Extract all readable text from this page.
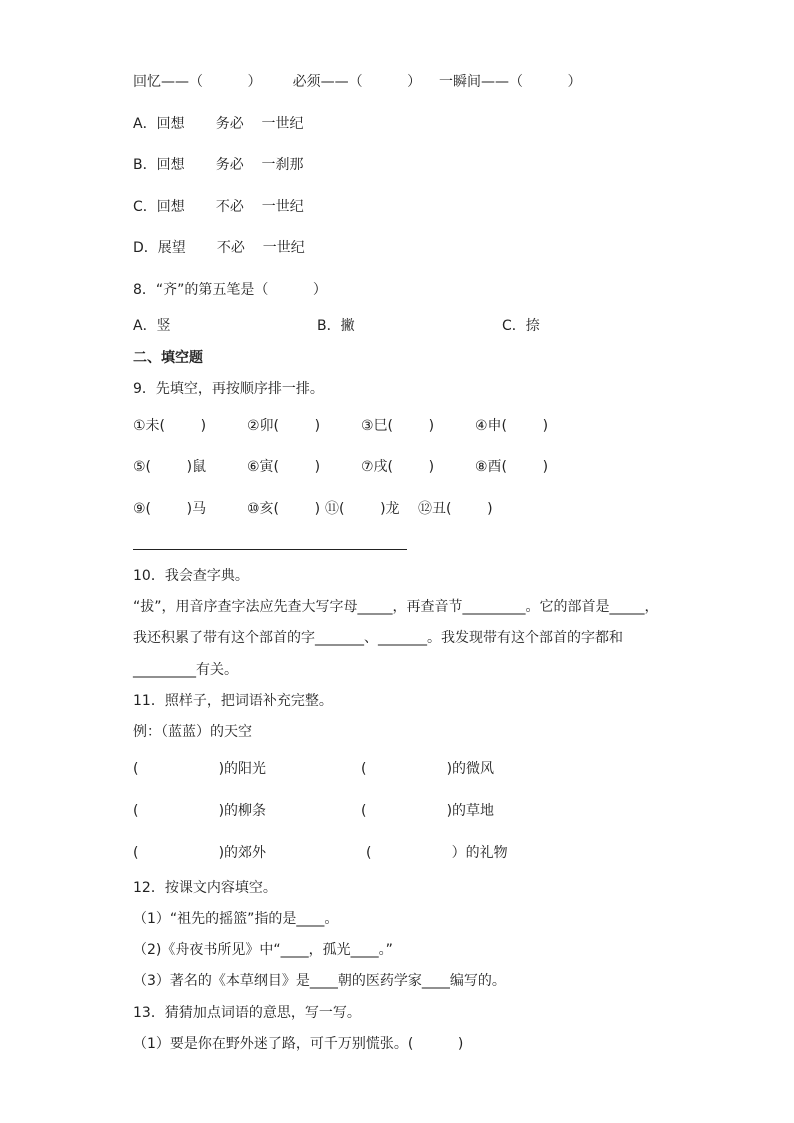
回忆——（          ）       必须——（          ）    一瞬间——（          ）
A．回想       务必    一世纪
B．回想       务必    一刹那
C．回想       不必    一世纪
D．展望       不必    一世纪
8．“齐”的第五笔是（          ）
A．竖	B．撇	C．捺
二、填空题
9．先填空，再按顺序排一排。
①未(        )	②卯(        )	③巳(        )	④申(        )
⑤(        )鼠	⑥寅(        )	⑦戌(        )	⑧酉(        )
⑨(        )马	⑩亥(        ) ⑪(        )龙 ⑫丑(        )
10．我会查字典。
“拔”，用音序查字法应先查大写字母_____，再查音节_________。它的部首是_____，
我还积累了带有这个部首的字_______、_______。我发现带有这个部首的字都和
_________有关。
11．照样子，把词语补充完整。
例：（蓝蓝）的天空
(                  )的阳光	(                  )的微风
(                  )的柳条	(                  )的草地
(                  )的郊外	(                  ）的礼物
12．按课文内容填空。
（1）“祖先的摇篮”指的是____。
（2)《舟夜书所见》中“____，孤光____。”
（3）著名的《本草纲目》是____朝的医药学家____编写的。
13．猜猜加点词语的意思，写一写。
（1）要是你在野外迷了路，可千万别慌张。(          )
